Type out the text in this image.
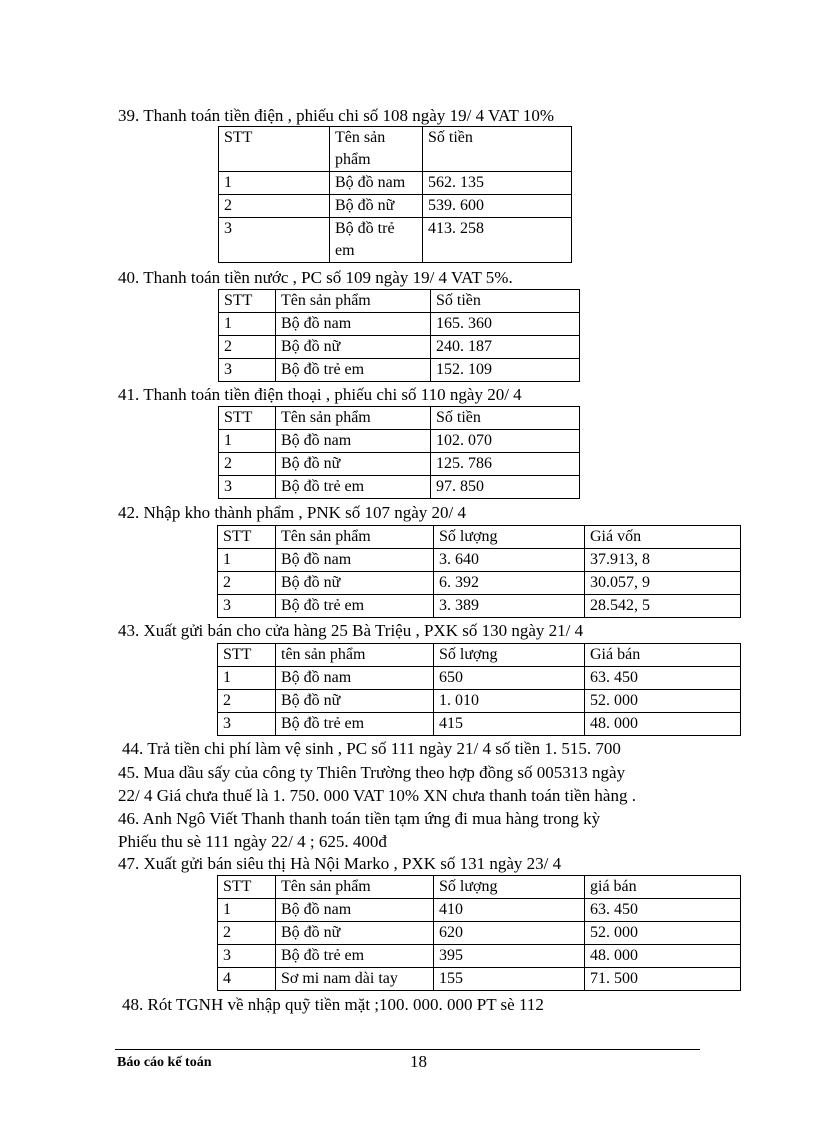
39. Thanh toán tiền điện , phiếu chi số 108 ngày 19/ 4 VAT 10%
STT	Tên sản phẩm	Số tiền
1	Bộ đồ nam	562. 135
2	Bộ đồ nữ	539. 600
3	Bộ đồ trẻ em	413. 258
40. Thanh toán tiền nước , PC số 109 ngày 19/ 4 VAT 5%.
STT	Tên sản phẩm	Số tiền
1	Bộ đồ nam	165. 360
2	Bộ đồ nữ	240. 187
3	Bộ đồ trẻ em	152. 109
41. Thanh toán tiền điện thoại , phiếu chi số 110 ngày 20/ 4
STT	Tên sản phẩm	Số tiền
1	Bộ đồ nam	102. 070
2	Bộ đồ nữ	125. 786
3	Bộ đồ trẻ em	97. 850
42. Nhập kho thành phẩm , PNK số 107 ngày 20/ 4
STT	Tên sản phẩm	Số lượng	Giá vốn
1	Bộ đồ nam	3. 640	37.913, 8
2	Bộ đồ nữ	6. 392	30.057, 9
3	Bộ đồ trẻ em	3. 389	28.542, 5
43. Xuất gửi bán cho cửa hàng 25 Bà Triệu , PXK số 130 ngày 21/ 4
STT	tên sản phẩm	Số lượng	Giá bán
1	Bộ đồ nam	650	63. 450
2	Bộ đồ nữ	1. 010	52. 000
3	Bộ đồ trẻ em	415	48. 000
44. Trả tiền chi phí làm vệ sinh , PC số 111 ngày 21/ 4 số tiền 1. 515. 700
45. Mua dầu sấy của công ty Thiên Trường theo hợp đồng số 005313 ngày
22/ 4 Giá chưa thuế là 1. 750. 000 VAT 10% XN chưa thanh toán tiền hàng .
46. Anh Ngô Viết Thanh thanh toán tiền tạm ứng đi mua hàng trong kỳ
Phiếu thu sè 111 ngày 22/ 4 ; 625. 400đ
47. Xuất gửi bán siêu thị Hà Nội Marko , PXK số 131 ngày 23/ 4
STT	Tên sản phẩm	Số lượng	giá bán
1	Bộ đồ nam	410	63. 450
2	Bộ đồ nữ	620	52. 000
3	Bộ đồ trẻ em	395	48. 000
4	Sơ mi nam dài tay	155	71. 500
48. Rót TGNH về nhập quỹ tiền mặt ;100. 000. 000 PT sè 112
Báo cáo kế toán	18
